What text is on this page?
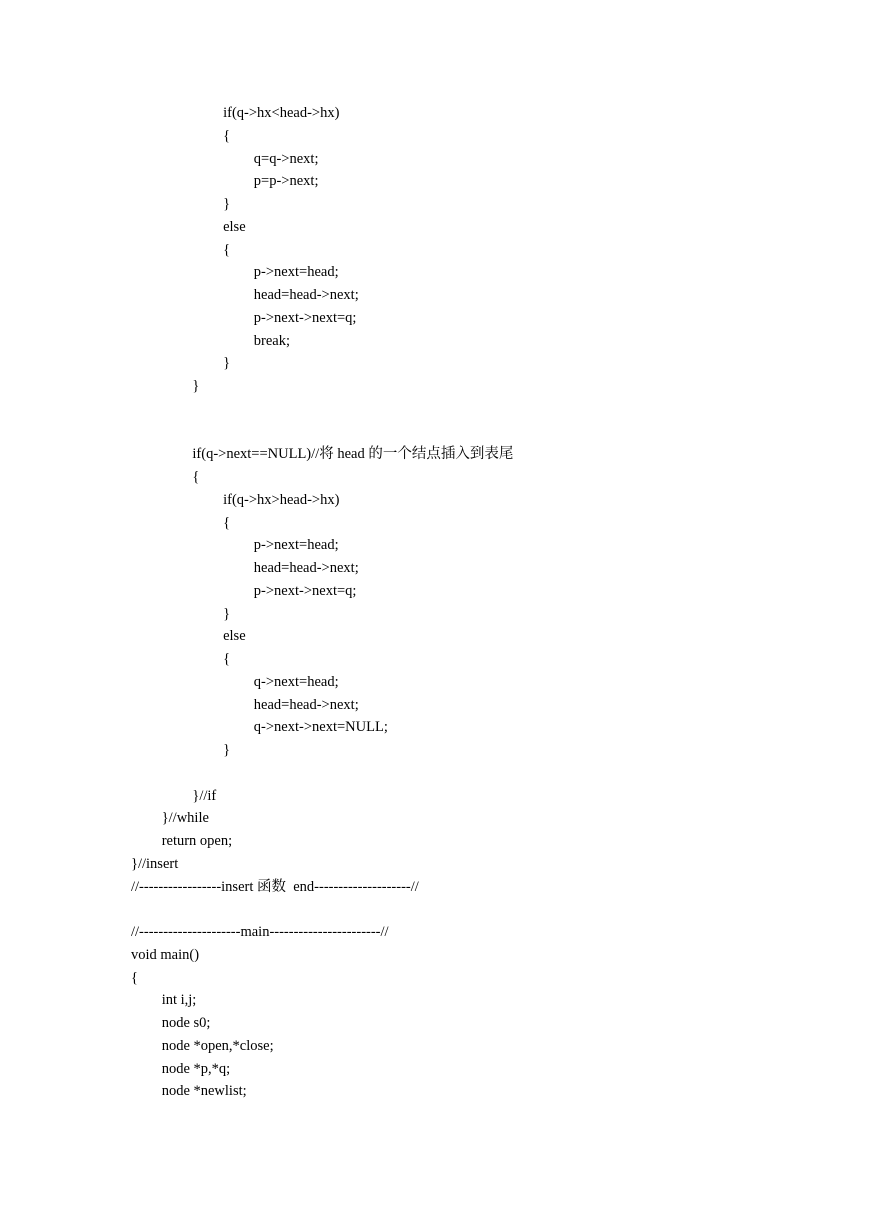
if(q->hx<head->hx)
{
q=q->next;
p=p->next;
}
else
{
p->next=head;
head=head->next;
p->next->next=q;
break;
}
}
if(q->next==NULL)//将 head 的一个结点插入到表尾
{
if(q->hx>head->hx)
{
p->next=head;
head=head->next;
p->next->next=q;
}
else
{
q->next=head;
head=head->next;
q->next->next=NULL;
}
}//if
}//while
return open;
}//insert
//-----------------insert 函数  end--------------------//
//---------------------main-----------------------//
void main()
{
int i,j;
node s0;
node *open,*close;
node *p,*q;
node *newlist;
